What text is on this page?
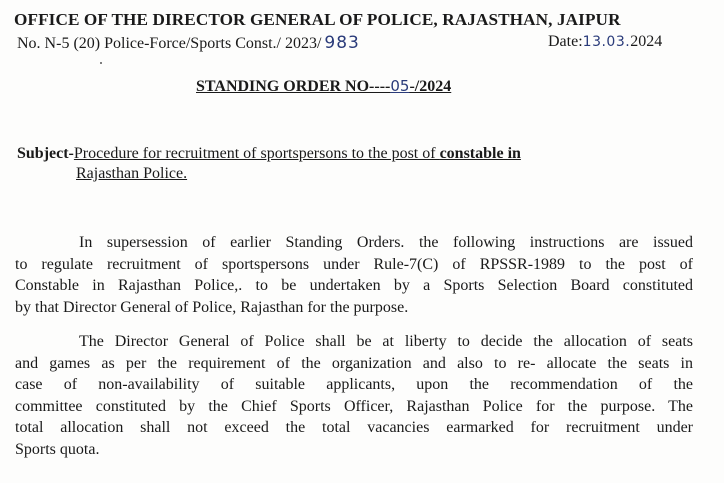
OFFICE OF THE DIRECTOR GENERAL OF POLICE, RAJASTHAN, JAIPUR
No. N-5 (20) Police-Force/Sports Const./ 2023/ 983	Date:13.03.2024
STANDING ORDER NO----05-/2024
Subject-Procedure for recruitment of sportspersons to the post of constable in
Rajasthan Police.
In supersession of earlier Standing Orders. the following instructions are issued
to regulate recruitment of sportspersons under Rule-7(C) of RPSSR-1989 to the post of
Constable in Rajasthan Police,. to be undertaken by a Sports Selection Board constituted
by that Director General of Police, Rajasthan for the purpose.
The Director General of Police shall be at liberty to decide the allocation of seats
and games as per the requirement of the organization and also to re- allocate the seats in
case of non-availability of suitable applicants, upon the recommendation of the
committee constituted by the Chief Sports Officer, Rajasthan Police for the purpose. The
total allocation shall not exceed the total vacancies earmarked for recruitment under
Sports quota.
